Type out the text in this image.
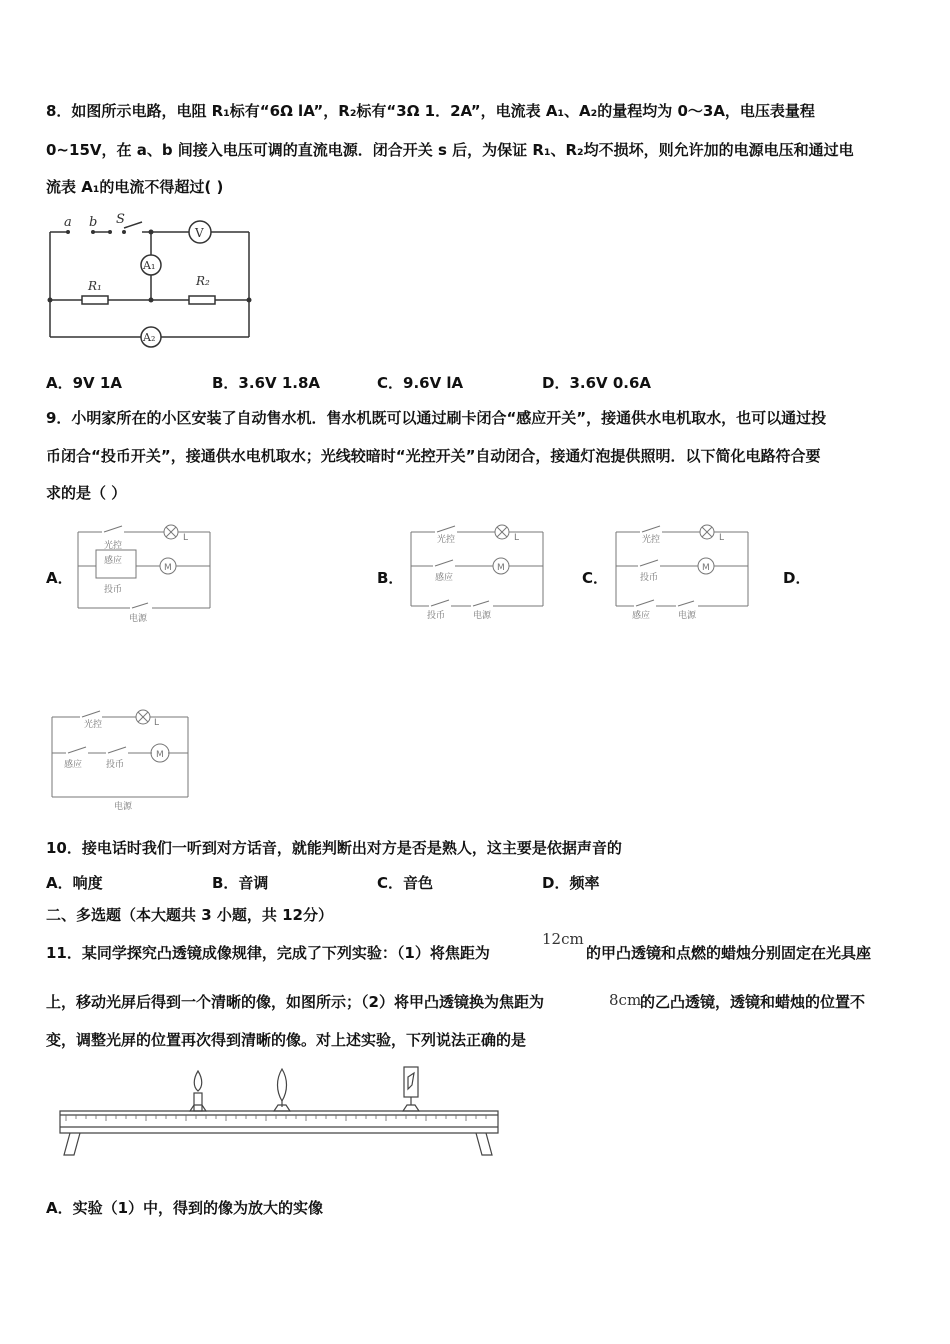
8．如图所示电路，电阻 R₁标有“6Ω lA”，R₂标有“3Ω 1．2A”，电流表 A₁、A₂的量程均为 0～3A，电压表量程
0~15V，在 a、b 间接入电压可调的直流电源．闭合开关 s 后，为保证 R₁、R₂均不损坏，则允许加的电源电压和通过电
流表 A₁的电流不得超过( )
a b S
V
A₁
A₂
R₁	R₂
A．9V 1A	B．3.6V 1.8A	C．9.6V lA	D．3.6V 0.6A
9．小明家所在的小区安装了自动售水机．售水机既可以通过刷卡闭合“感应开关”，接通供水电机取水，也可以通过投
币闭合“投币开关”，接通供水电机取水；光线较暗时“光控开关”自动闭合，接通灯泡提供照明．以下简化电路符合要
求的是（ ）
A．	B．	C．	D．
光控
感应
投币
电源
L
M
光控
感应
投币	电源
L
M
光控
投币
感应	电源
L
M
光控
感应	投币
电源
L
M
10．接电话时我们一听到对方话音，就能判断出对方是否是熟人，这主要是依据声音的
A．响度	B．音调	C．音色	D．频率
二、多选题（本大题共 3 小题，共 12分）
11．某同学探究凸透镜成像规律，完成了下列实验：（1）将焦距为
12cm
的甲凸透镜和点燃的蜡烛分别固定在光具座
上，移动光屏后得到一个清晰的像，如图所示；（2）将甲凸透镜换为焦距为	8cm
的乙凸透镜，透镜和蜡烛的位置不
变，调整光屏的位置再次得到清晰的像。对上述实验，下列说法正确的是
A．实验（1）中，得到的像为放大的实像
